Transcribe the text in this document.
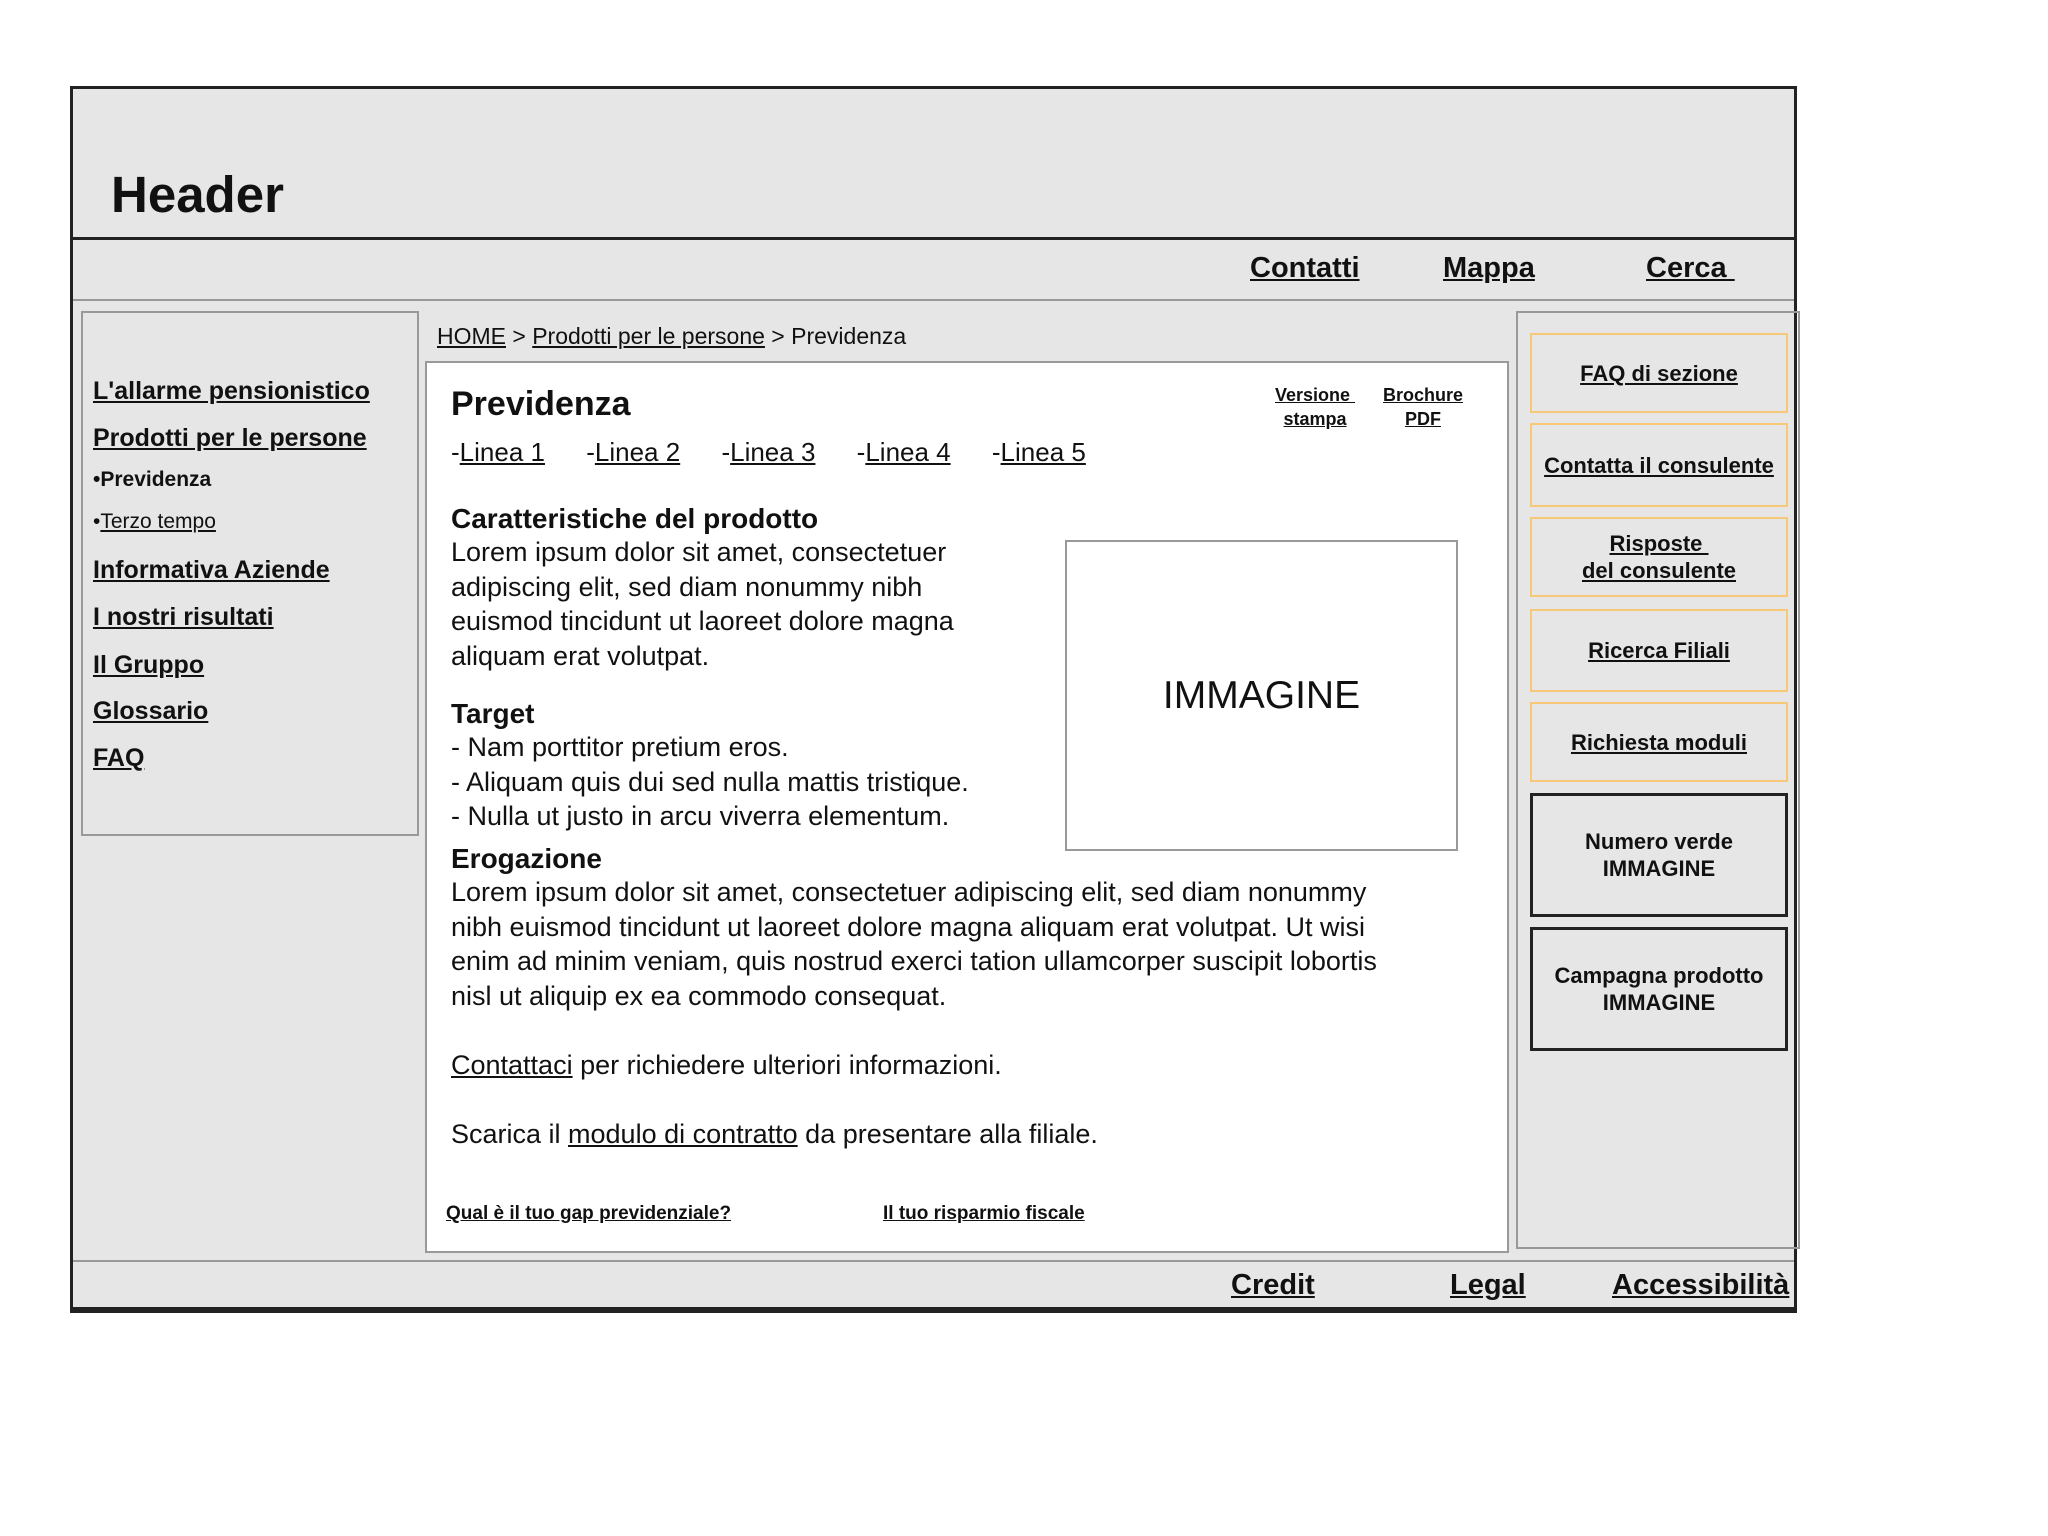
Header
Contatti	Mappa	Cerca
L'allarme pensionistico
Prodotti per le persone
•Previdenza
•Terzo tempo
Informativa Aziende
I nostri risultati
Il Gruppo
Glossario
FAQ
HOME > Prodotti per le persone > Previdenza
Previdenza	Versione
stampa
Brochure
PDF
-Linea 1 -Linea 2 -Linea 3 -Linea 4 -Linea 5
Caratteristiche del prodotto
Lorem ipsum dolor sit amet, consectetuer
adipiscing elit, sed diam nonummy nibh
euismod tincidunt ut laoreet dolore magna
aliquam erat volutpat.
Target
- Nam porttitor pretium eros.
- Aliquam quis dui sed nulla mattis tristique.
- Nulla ut justo in arcu viverra elementum.
IMMAGINE
Erogazione
Lorem ipsum dolor sit amet, consectetuer adipiscing elit, sed diam nonummy
nibh euismod tincidunt ut laoreet dolore magna aliquam erat volutpat. Ut wisi
enim ad minim veniam, quis nostrud exerci tation ullamcorper suscipit lobortis
nisl ut aliquip ex ea commodo consequat.
Contattaci per richiedere ulteriori informazioni.
Scarica il modulo di contratto da presentare alla filiale.
Qual è il tuo gap previdenziale?	Il tuo risparmio fiscale
FAQ di sezione
Contatta il consulente
Risposte
del consulente
Ricerca Filiali
Richiesta moduli
Numero verde
IMMAGINE
Campagna prodotto
IMMAGINE
Credit	Legal	Accessibilità
